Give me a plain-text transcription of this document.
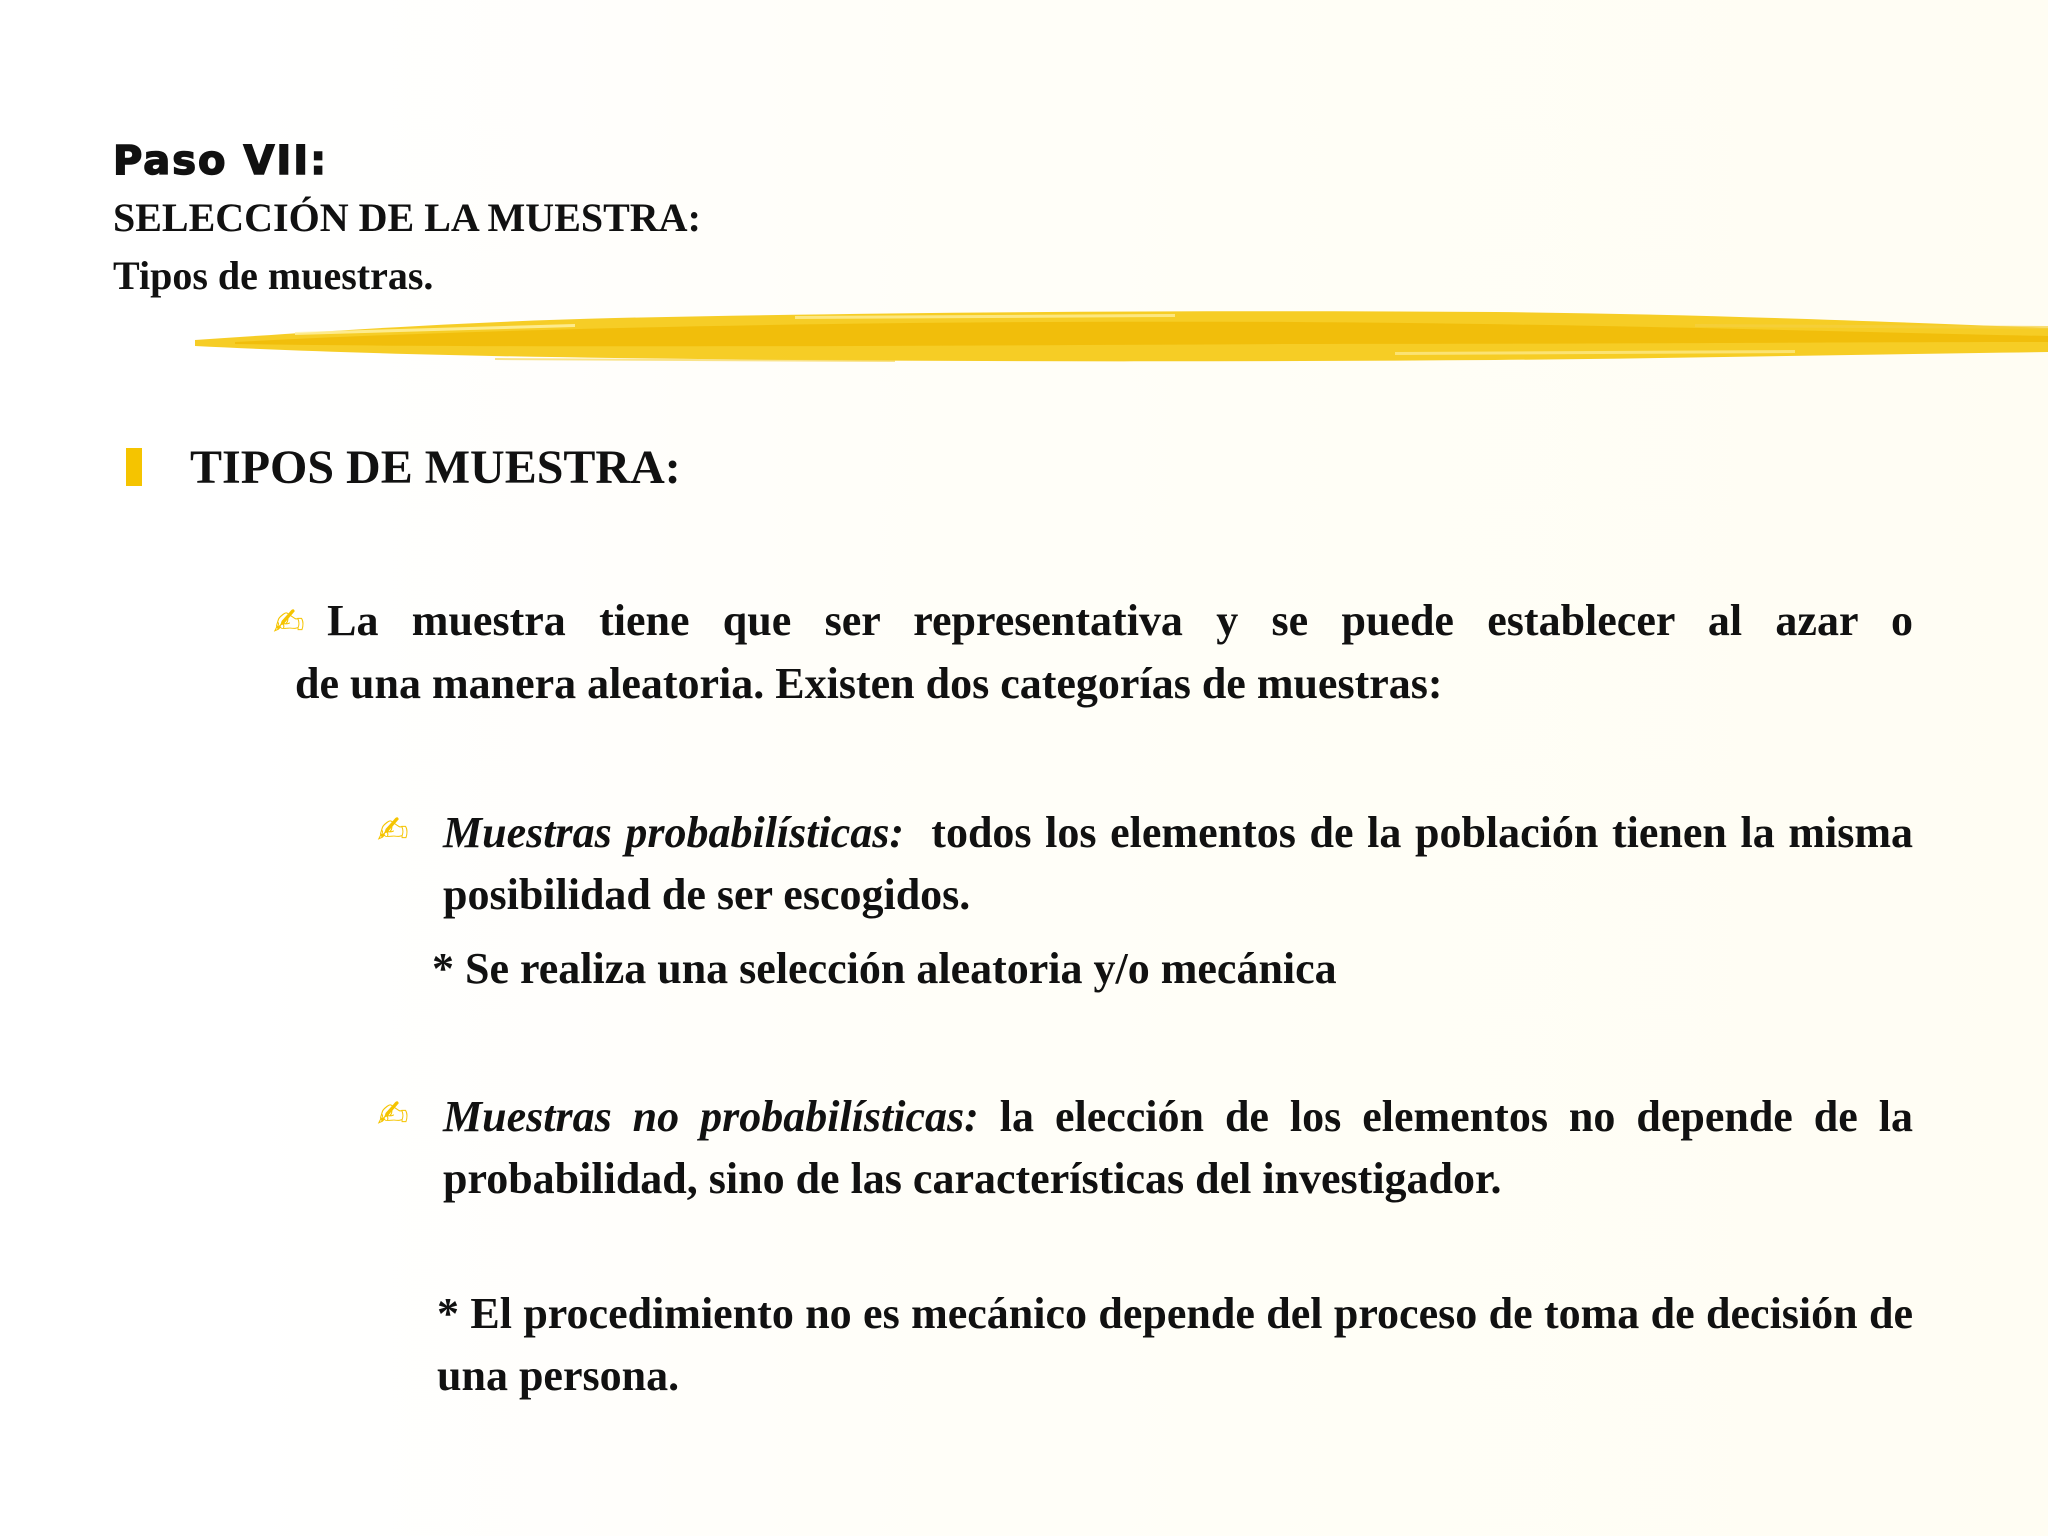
Paso VII:
SELECCIÓN DE LA MUESTRA:
Tipos de muestras.
TIPOS DE MUESTRA:
✍La muestra tiene que ser representativa y se puede establecer al azar o
de una manera aleatoria. Existen dos categorías de muestras:
✍ Muestras probabilísticas: todos los elementos de la población tienen la misma posibilidad de ser escogidos.
* Se realiza una selección aleatoria y/o mecánica
✍ Muestras no probabilísticas: la elección de los elementos no depende de la probabilidad, sino de las características del investigador.
* El procedimiento no es mecánico depende del proceso de toma de decisión de una persona.
